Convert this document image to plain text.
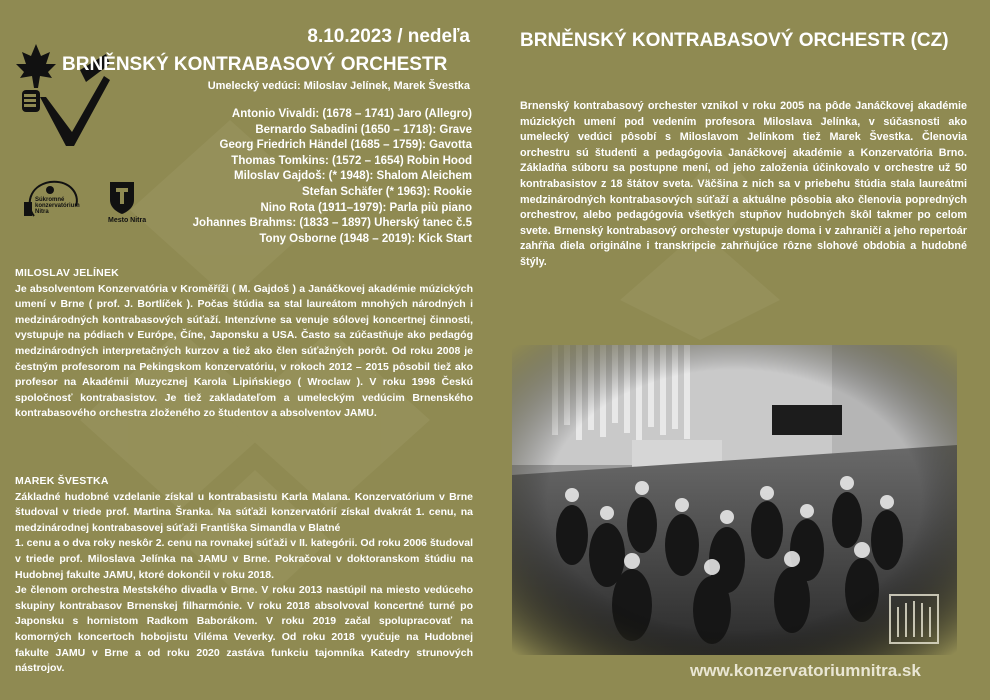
8.10.2023 / nedeľa
BRNĚNSKÝ KONTRABASOVÝ ORCHESTR
Umelecký vedúci: Miloslav Jelínek, Marek Švestka
Antonio Vivaldi: (1678 – 1741) Jaro (Allegro)
Bernardo Sabadini (1650 – 1718): Grave
Georg Friedrich Händel (1685 – 1759): Gavotta
Thomas Tomkins: (1572 – 1654) Robin Hood
Miloslav Gajdoš: (* 1948): Shalom Aleichem
Stefan Schäfer (* 1963): Rookie
Nino Rota (1911–1979): Parla più piano
Johannes Brahms: (1833 – 1897) Uherský tanec č.5
Tony Osborne (1948 – 2019): Kick Start
Súkromné konzervatórium Nitra
Mesto Nitra
MILOSLAV JELÍNEK

Je absolventom Konzervatória v Kroměříži ( M. Gajdoš ) a Janáčkovej akadémie múzických umení v Brne ( prof. J. Bortlíček ). Počas štúdia sa stal laureátom mnohých národných i medzinárodných kontrabasových súťaží. Intenzívne sa venuje sólovej koncertnej činnosti, vystupuje na pódiach v Európe, Číne, Japonsku a USA. Často sa zúčastňuje ako pedagóg medzinárodných interpretačných kurzov a tiež ako člen súťažných porôt. Od roku 2008 je čestným profesorom na Pekingskom konzervatóriu, v rokoch 2012 – 2015 pôsobil tiež ako profesor na Akadémii Muzycznej Karola Lipińskiego ( Wroclaw ). V roku 1998 Českú spoločnosť kontrabasistov. Je tiež zakladateľom a umeleckým vedúcim Brnenského kontrabasového orchestra zloženého zo študentov a absolventov JAMU.

MAREK ŠVESTKA

Základné hudobné vzdelanie získal u kontrabasistu Karla Malana. Konzervatórium v Brne študoval v triede prof. Martina Šranka. Na súťaži konzervatórií získal dvakrát 1. cenu, na medzinárodnej kontrabasovej súťaži Františka Simandla v Blatné

1. cenu a o dva roky neskôr 2. cenu na rovnakej súťaži v II. kategórii. Od roku 2006 študoval v triede prof. Miloslava Jelínka na JAMU v Brne. Pokračoval v doktoranskom štúdiu na Hudobnej fakulte JAMU, ktoré dokončil v roku 2018.

Je členom orchestra Mestského divadla v Brne. V roku 2013 nastúpil na miesto vedúceho skupiny kontrabasov Brnenskej filharmónie. V roku 2018 absolvoval koncertné turné po Japonsku s hornistom Radkom Baborákom. V roku 2019 začal spolupracovať na komorných koncertoch hobojistu Viléma Veverky. Od roku 2018 vyučuje na Hudobnej fakulte JAMU v Brne a od roku 2020 zastáva funkciu tajomníka Katedry strunových nástrojov.

BRNĚNSKÝ KONTRABASOVÝ ORCHESTR (CZ)
Brnenský kontrabasový orchester vznikol v roku 2005 na pôde Janáčkovej akadémie múzických umení pod vedením profesora Miloslava Jelínka, v súčasnosti ako umelecký vedúci pôsobí s Miloslavom Jelínkom tiež Marek Švestka. Členovia orchestru sú študenti a pedagógovia Janáčkovej akadémie a Konzervatória Brno. Základňa súboru sa postupne mení, od jeho založenia účinkovalo v orchestre už 50 kontrabasistov z 18 štátov sveta. Väčšina z nich sa v priebehu štúdia stala laureátmi medzinárodných kontrabasových súťaží a aktuálne pôsobia ako členovia popredných orchestrov, alebo pedagógovia všetkých stupňov hudobných škôl takmer po celom svete. Brnenský kontrabasový orchester vystupuje doma i v zahraničí a jeho repertoár zahŕňa diela originálne i transkripcie zahrňujúce rôzne slohové obdobia a hudobné štýly.
www.konzervatoriumnitra.sk
